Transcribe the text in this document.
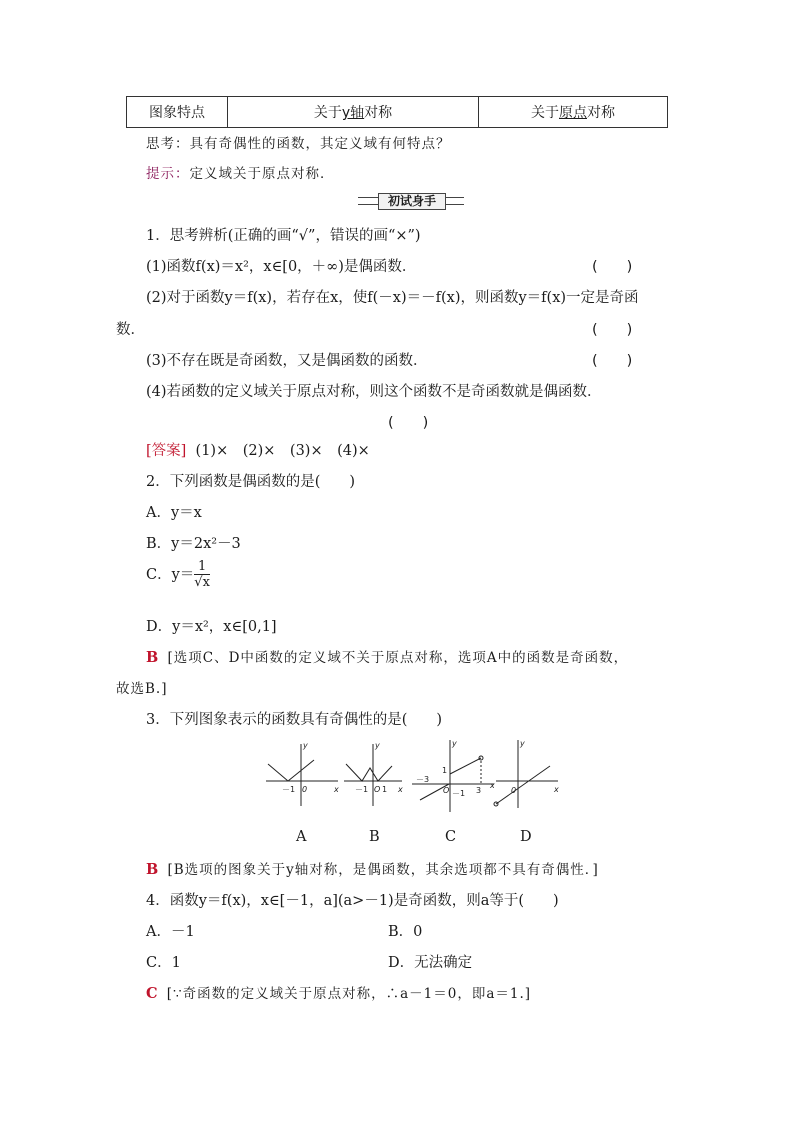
图象特点	关于y轴对称	关于原点对称
思考：具有奇偶性的函数，其定义域有何特点？
提示：定义域关于原点对称．
初试身手
1．思考辨析(正确的画“√”，错误的画“×”)
(1)函数f(x)＝x²，x∈[0，＋∞)是偶函数．	(　　)
(2)对于函数y＝f(x)，若存在x，使f(－x)＝－f(x)，则函数y＝f(x)一定是奇函
数．	(　　)
(3)不存在既是奇函数，又是偶函数的函数．	(　　)
(4)若函数的定义域关于原点对称，则这个函数不是奇函数就是偶函数．
(　　)
[答案] (1)×　(2)×　(3)×　(4)×
2．下列函数是偶函数的是(　　)
A．y＝x
B．y＝2x²－3
C．$y= \frac{1}{√x}$
D．y＝x²，x∈[0,1]
B [选项C、D中函数的定义域不关于原点对称，选项A中的函数是奇函数，
故选B.]
3．下列图象表示的函数具有奇偶性的是(　　)
y
x
y
x
y
x
y
x
0	O	O	0
－1	－1 1
－3
1
－1 3
A	B	C	D
B [B选项的图象关于y轴对称，是偶函数，其余选项都不具有奇偶性．]
4．函数y＝f(x)，x∈[－1，a](a>－1)是奇函数，则a等于(　　)
A．－1	B．0
C．1	D．无法确定
C [∵奇函数的定义域关于原点对称，∴a－1＝0，即a＝1.]
